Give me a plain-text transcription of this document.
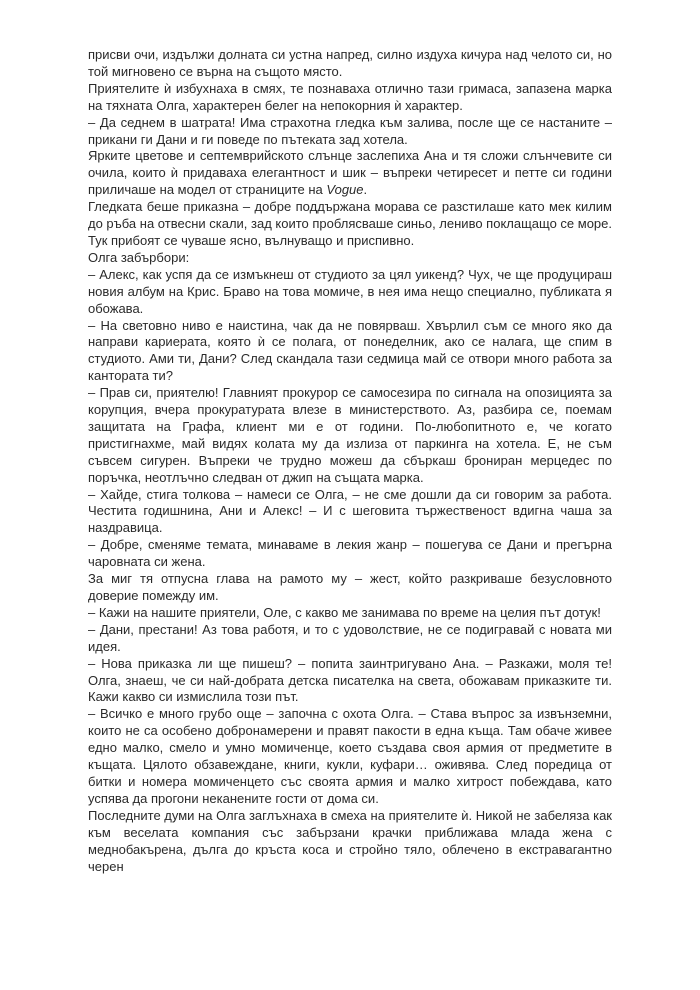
присви очи, издължи долната си устна напред, силно издуха кичура над челото си, но той мигновено се върна на същото място.

Приятелите ѝ избухнаха в смях, те познаваха отлично тази гримаса, запазена марка на тяхната Олга, характерен белег на непокорния ѝ характер.

– Да седнем в шатрата! Има страхотна гледка към залива, после ще се настаните – прикани ги Дани и ги поведе по пътеката зад хотела.

Ярките цветове и септемврийското слънце заслепиха Ана и тя сложи слънчевите си очила, които ѝ придаваха елегантност и шик – въпреки четиресет и петте си години приличаше на модел от страниците на Vogue.

Гледката беше приказна – добре поддържана морава се разстилаше като мек килим до ръба на отвесни скали, зад които проблясваше синьо, лениво поклащащо се море. Тук прибоят се чуваше ясно, вълнуващо и приспивно.

Олга забърбори:

– Алекс, как успя да се измъкнеш от студиото за цял уикенд? Чух, че ще продуцираш новия албум на Крис. Браво на това момиче, в нея има нещо специално, публиката я обожава.

– На световно ниво е наистина, чак да не повярваш. Хвърлил съм се много яко да направи кариерата, която ѝ се полага, от понеделник, ако се налага, ще спим в студиото. Ами ти, Дани? След скандала тази седмица май се отвори много работа за канторaта ти?

– Прав си, приятелю! Главният прокурор се самосезира по сигнала на опозицията за корупция, вчера прокуратурата влезе в министерството. Аз, разбира се, поемам защитата на Графа, клиент ми е от години. По-любопитното е, че когато пристигнахме, май видях колата му да излиза от паркинга на хотела. Е, не съм съвсем сигурен. Въпреки че трудно можеш да сбъркаш брониран мерцедес по поръчка, неотлъчно следван от джип на същата марка.

– Хайде, стига толкова – намеси се Олга, – не сме дошли да си говорим за работа. Честита годишнина, Ани и Алекс! – И с шеговита тържественост вдигна чаша за наздравица.

– Добре, сменяме темата, минаваме в лекия жанр – пошегува се Дани и прегърна чаровната си жена.

За миг тя отпусна глава на рамото му – жест, който разкриваше безусловното доверие помежду им.

– Кажи на нашите приятели, Оле, с какво ме занимава по време на целия път дотук!

– Дани, престани! Аз това работя, и то с удоволствие, не се подигравай с новата ми идея.

– Нова приказка ли ще пишеш? – попита заинтригувано Ана. – Разкажи, моля те! Олга, знаеш, че си най-добрата детска писателка на света, обожавам приказките ти. Кажи какво си измислила този път.

– Всичко е много грубо още – започна с охота Олга. – Става въпрос за извънземни, които не са особено добронамерени и правят пакости в една къща. Там обаче живее едно малко, смело и умно момиченце, което създава своя армия от предметите в къщата. Цялото обзавеждане, книги, кукли, куфари… оживява. След поредица от битки и номера момиченцето със своята армия и малко хитрост побеждава, като успява да прогони неканените гости от дома си.

Последните думи на Олга заглъхнаха в смеха на приятелите ѝ. Никой не забеляза как към веселата компания със забързани крачки приближава млада жена с меднобакърена, дълга до кръста коса и стройно тяло, облечено в екстравагантно черен
